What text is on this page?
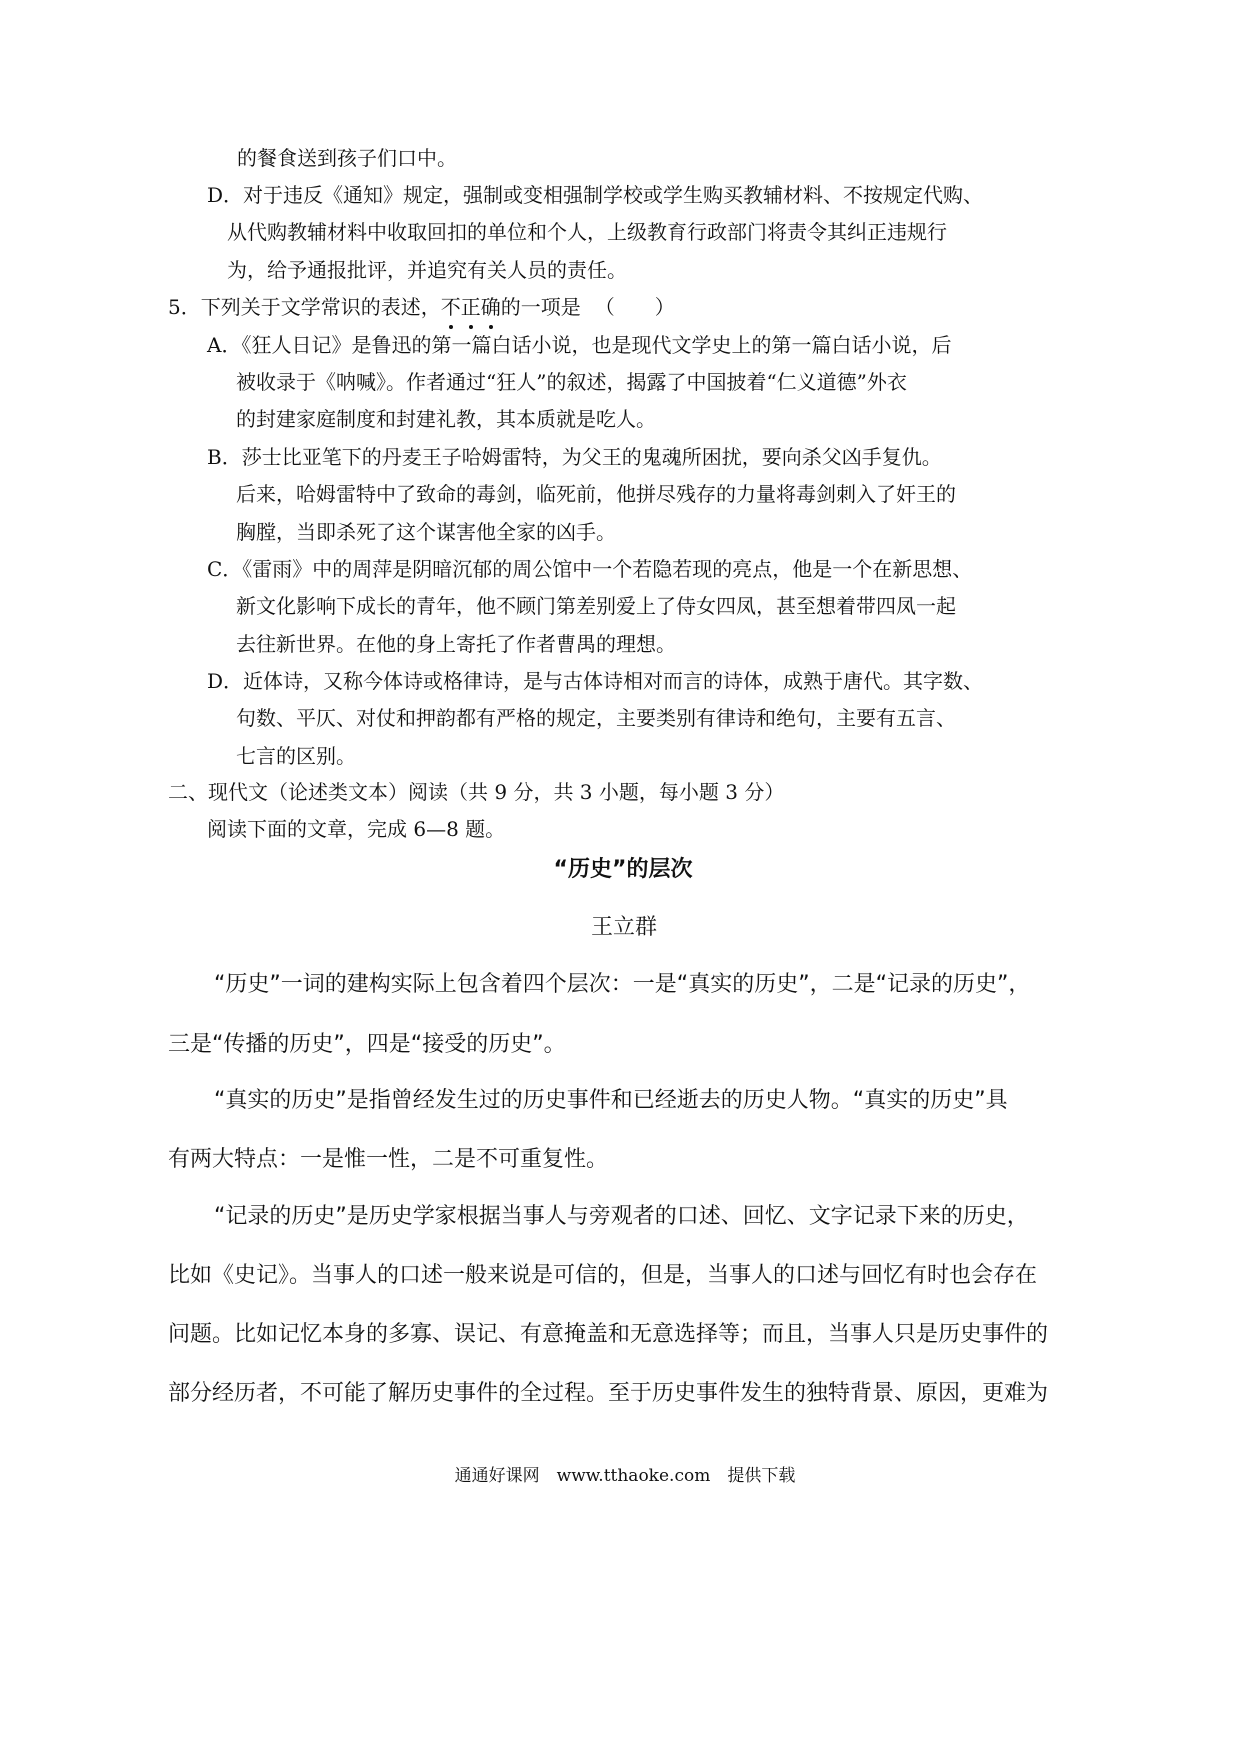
的餐食送到孩子们口中。
D．对于违反《通知》规定，强制或变相强制学校或学生购买教辅材料、不按规定代购、
从代购教辅材料中收取回扣的单位和个人，上级教育行政部门将责令其纠正违规行
为，给予通报批评，并追究有关人员的责任。
5．下列关于文学常识的表述，不正确
的一项是 （　　）
A．《狂人日记》是鲁迅的第一篇白话小说，也是现代文学史上的第一篇白话小说，后
被收录于《呐喊》。作者通过“狂人”的叙述，揭露了中国披着“仁义道德”外衣
的封建家庭制度和封建礼教，其本质就是吃人。
B．莎士比亚笔下的丹麦王子哈姆雷特，为父王的鬼魂所困扰，要向杀父凶手复仇。
后来，哈姆雷特中了致命的毒剑，临死前，他拼尽残存的力量将毒剑刺入了奸王的
胸膛，当即杀死了这个谋害他全家的凶手。
C．《雷雨》中的周萍是阴暗沉郁的周公馆中一个若隐若现的亮点，他是一个在新思想、
新文化影响下成长的青年，他不顾门第差别爱上了侍女四凤，甚至想着带四凤一起
去往新世界。在他的身上寄托了作者曹禺的理想。
D．近体诗，又称今体诗或格律诗，是与古体诗相对而言的诗体，成熟于唐代。其字数、
句数、平仄、对仗和押韵都有严格的规定，主要类别有律诗和绝句，主要有五言、
七言的区别。
二、现代文（论述类文本）阅读（共 9 分，共 3 小题，每小题 3 分）
阅读下面的文章，完成 6—8 题。
“历史”的层次
王立群
“历史”一词的建构实际上包含着四个层次：一是“真实的历史”，二是“记录的历史”，
三是“传播的历史”，四是“接受的历史”。
“真实的历史”是指曾经发生过的历史事件和已经逝去的历史人物。“真实的历史”具
有两大特点：一是惟一性，二是不可重复性。
“记录的历史”是历史学家根据当事人与旁观者的口述、回忆、文字记录下来的历史，
比如《史记》。当事人的口述一般来说是可信的，但是，当事人的口述与回忆有时也会存在
问题。比如记忆本身的多寡、误记、有意掩盖和无意选择等；而且，当事人只是历史事件的
部分经历者，不可能了解历史事件的全过程。至于历史事件发生的独特背景、原因，更难为
通通好课网　www.tthaoke.com　提供下载
